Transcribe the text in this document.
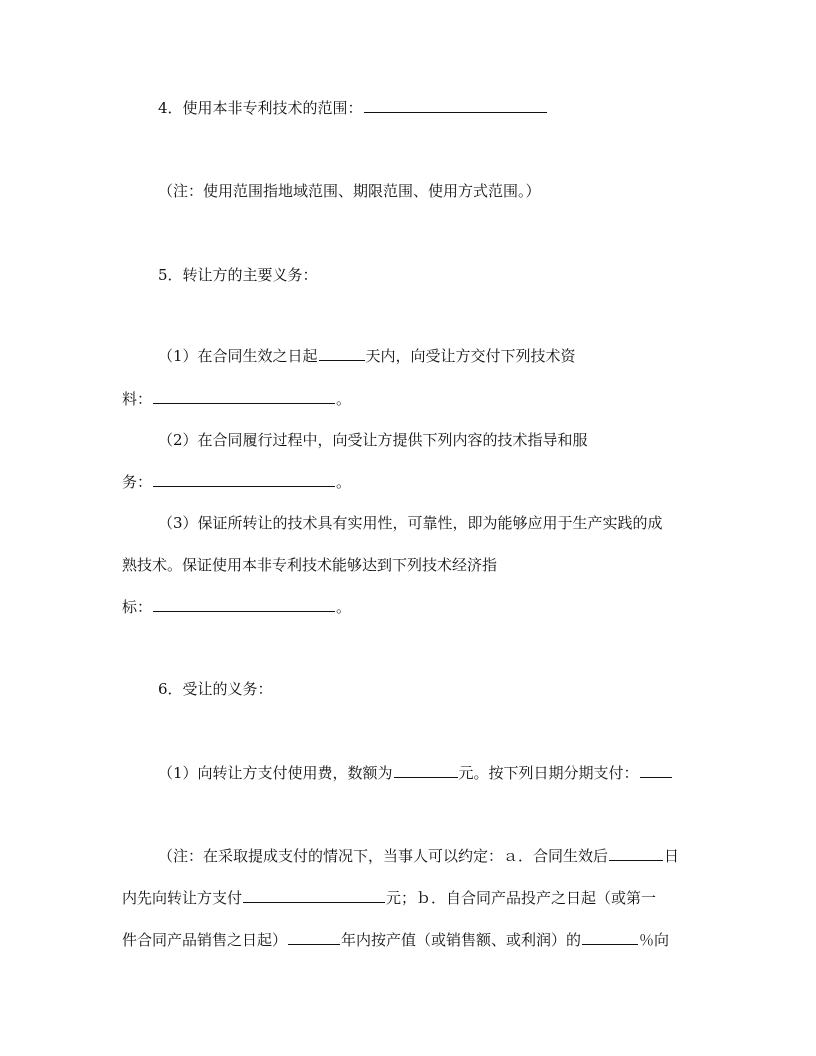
4．使用本非专利技术的范围：
（注：使用范围指地域范围、期限范围、使用方式范围。）
5．转让方的主要义务：
（1）在合同生效之日起	天内，向受让方交付下列技术资
料：	。
（2）在合同履行过程中，向受让方提供下列内容的技术指导和服
务：	。
（3）保证所转让的技术具有实用性，可靠性，即为能够应用于生产实践的成
熟技术。保证使用本非专利技术能够达到下列技术经济指
标：	。
6．受让的义务：
（1）向转让方支付使用费，数额为	元。按下列日期分期支付：
（注：在采取提成支付的情况下，当事人可以约定：ａ．合同生效后	日
内先向转让方支付	元；ｂ．自合同产品投产之日起（或第一
件合同产品销售之日起）	年内按产值（或销售额、或利润）的	％向
